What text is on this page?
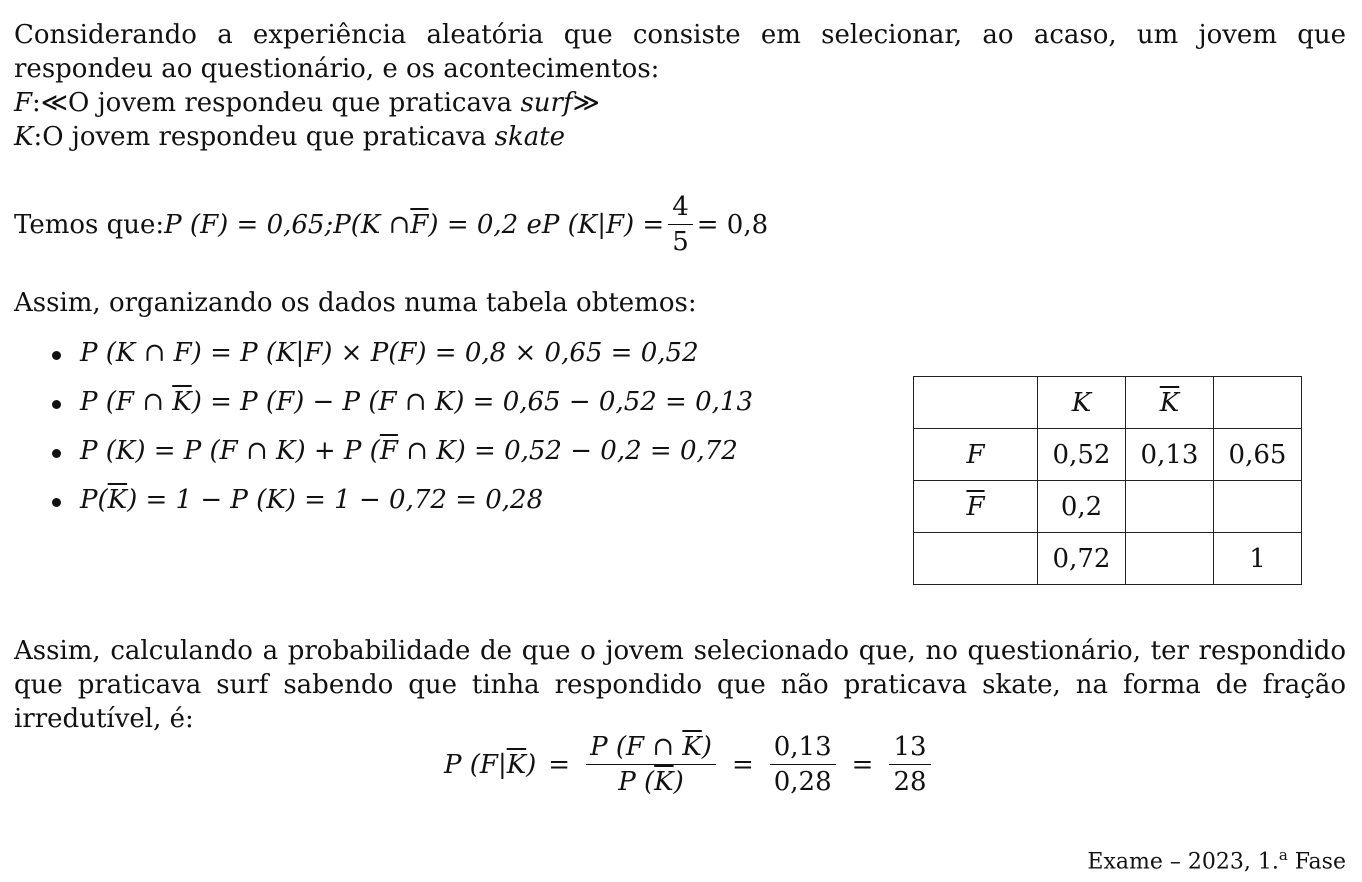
Considerando a experiência aleatória que consiste em selecionar, ao acaso, um jovem que respondeu ao questionário, e os acontecimentos:

F:≪O jovem respondeu que praticava surf≫

K:O jovem respondeu que praticava skate

Temos que: P (F) = 0,65; P(K ∩ $\overline{F}$ ) = 0,2 e P $(K|F) = \frac{4}{5} = 0,8$

Assim, organizando os dados numa tabela obtemos:

P (K ∩ F) = P (K|F) × P(F) = 0,8 × 0,65 = 0,52
P (F ∩ $\overline{K}) = P$ (F) − P (F ∩ K) = 0,65 − 0,52 = 0,13
P (K) = P (F ∩ K) + P ($\overline{F}$ ∩ K) = 0,52 − 0,2 = 0,72
$P(\overline{K}) = 1 - P$ (K) = 1 − 0,72 = 0,28
	K	$\overline{K}$	
F	0,52	0,13	0,65
$\overline{F}$	0,2		
	0,72		1

Assim, calculando a probabilidade de que o jovem selecionado que, no questionário, ter respondido que praticava surf sabendo que tinha respondido que não praticava skate, na forma de fração irredutível, é:

P $(F|\overline{K}) = \frac{P (F \cap \overline{K})}{P (\overline{K})} = \frac{0,13}{0,28} = \frac{13}{28}$
Exame – 2023, 1.$^a$ Fase
